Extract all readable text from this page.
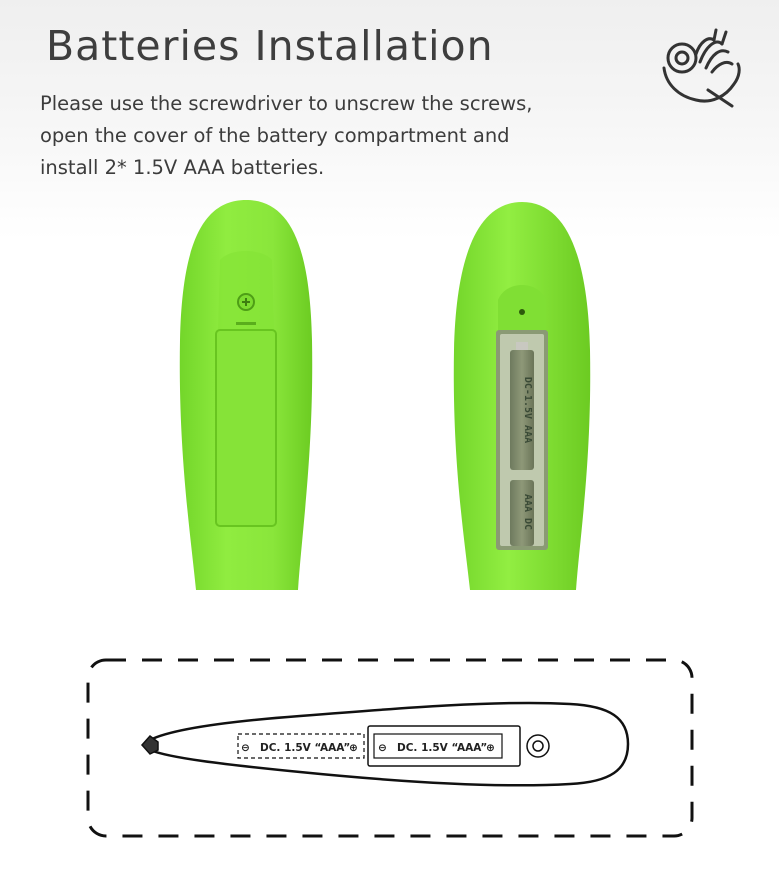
Batteries Installation
Please use the screwdriver to unscrew the screws,
open the cover of the battery compartment and
install 2* 1.5V AAA batteries.
DC-1.5V AAA
AAA DC
⊖ DC. 1.5V “AAA”
⊕ ⊖ DC. 1.5V “AAA”
⊕
